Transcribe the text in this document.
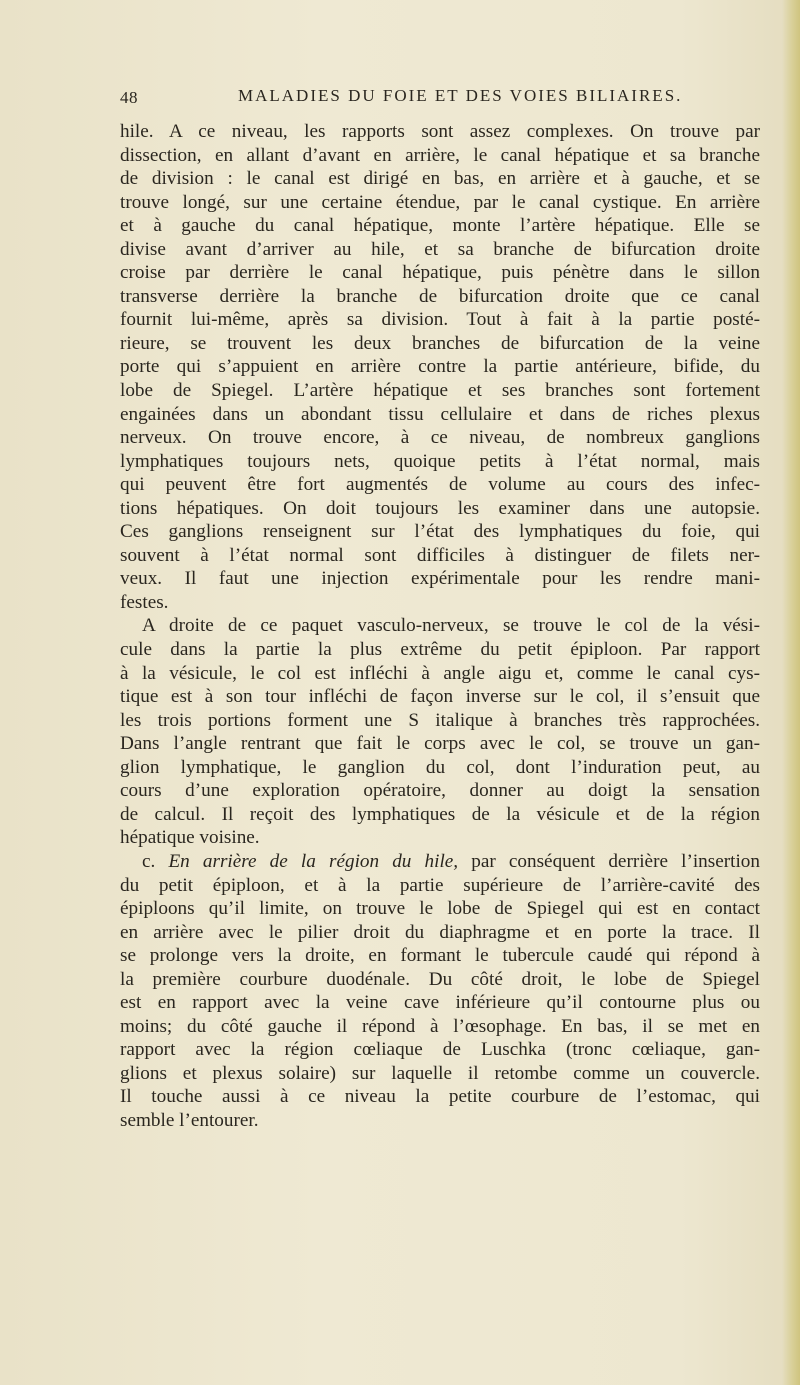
48	MALADIES DU FOIE ET DES VOIES BILIAIRES.
hile. A ce niveau, les rapports sont assez complexes. On trouve par
dissection, en allant d’avant en arrière, le canal hépatique et sa branche
de division : le canal est dirigé en bas, en arrière et à gauche, et se
trouve longé, sur une certaine étendue, par le canal cystique. En arrière
et à gauche du canal hépatique, monte l’artère hépatique. Elle se
divise avant d’arriver au hile, et sa branche de bifurcation droite
croise par derrière le canal hépatique, puis pénètre dans le sillon
transverse derrière la branche de bifurcation droite que ce canal
fournit lui-même, après sa division. Tout à fait à la partie posté-
rieure, se trouvent les deux branches de bifurcation de la veine
porte qui s’appuient en arrière contre la partie antérieure, bifide, du
lobe de Spiegel. L’artère hépatique et ses branches sont fortement
engainées dans un abondant tissu cellulaire et dans de riches plexus
nerveux. On trouve encore, à ce niveau, de nombreux ganglions
lymphatiques toujours nets, quoique petits à l’état normal, mais
qui peuvent être fort augmentés de volume au cours des infec-
tions hépatiques. On doit toujours les examiner dans une autopsie.
Ces ganglions renseignent sur l’état des lymphatiques du foie, qui
souvent à l’état normal sont difficiles à distinguer de filets ner-
veux. Il faut une injection expérimentale pour les rendre mani-
festes.
A droite de ce paquet vasculo-nerveux, se trouve le col de la vési-
cule dans la partie la plus extrême du petit épiploon. Par rapport
à la vésicule, le col est infléchi à angle aigu et, comme le canal cys-
tique est à son tour infléchi de façon inverse sur le col, il s’ensuit que
les trois portions forment une S italique à branches très rapprochées.
Dans l’angle rentrant que fait le corps avec le col, se trouve un gan-
glion lymphatique, le ganglion du col, dont l’induration peut, au
cours d’une exploration opératoire, donner au doigt la sensation
de calcul. Il reçoit des lymphatiques de la vésicule et de la région
hépatique voisine.
c. En arrière de la région du hile, par conséquent derrière l’insertion
du petit épiploon, et à la partie supérieure de l’arrière-cavité des
épiploons qu’il limite, on trouve le lobe de Spiegel qui est en contact
en arrière avec le pilier droit du diaphragme et en porte la trace. Il
se prolonge vers la droite, en formant le tubercule caudé qui répond à
la première courbure duodénale. Du côté droit, le lobe de Spiegel
est en rapport avec la veine cave inférieure qu’il contourne plus ou
moins; du côté gauche il répond à l’œsophage. En bas, il se met en
rapport avec la région cœliaque de Luschka (tronc cœliaque, gan-
glions et plexus solaire) sur laquelle il retombe comme un couvercle.
Il touche aussi à ce niveau la petite courbure de l’estomac, qui
semble l’entourer.
